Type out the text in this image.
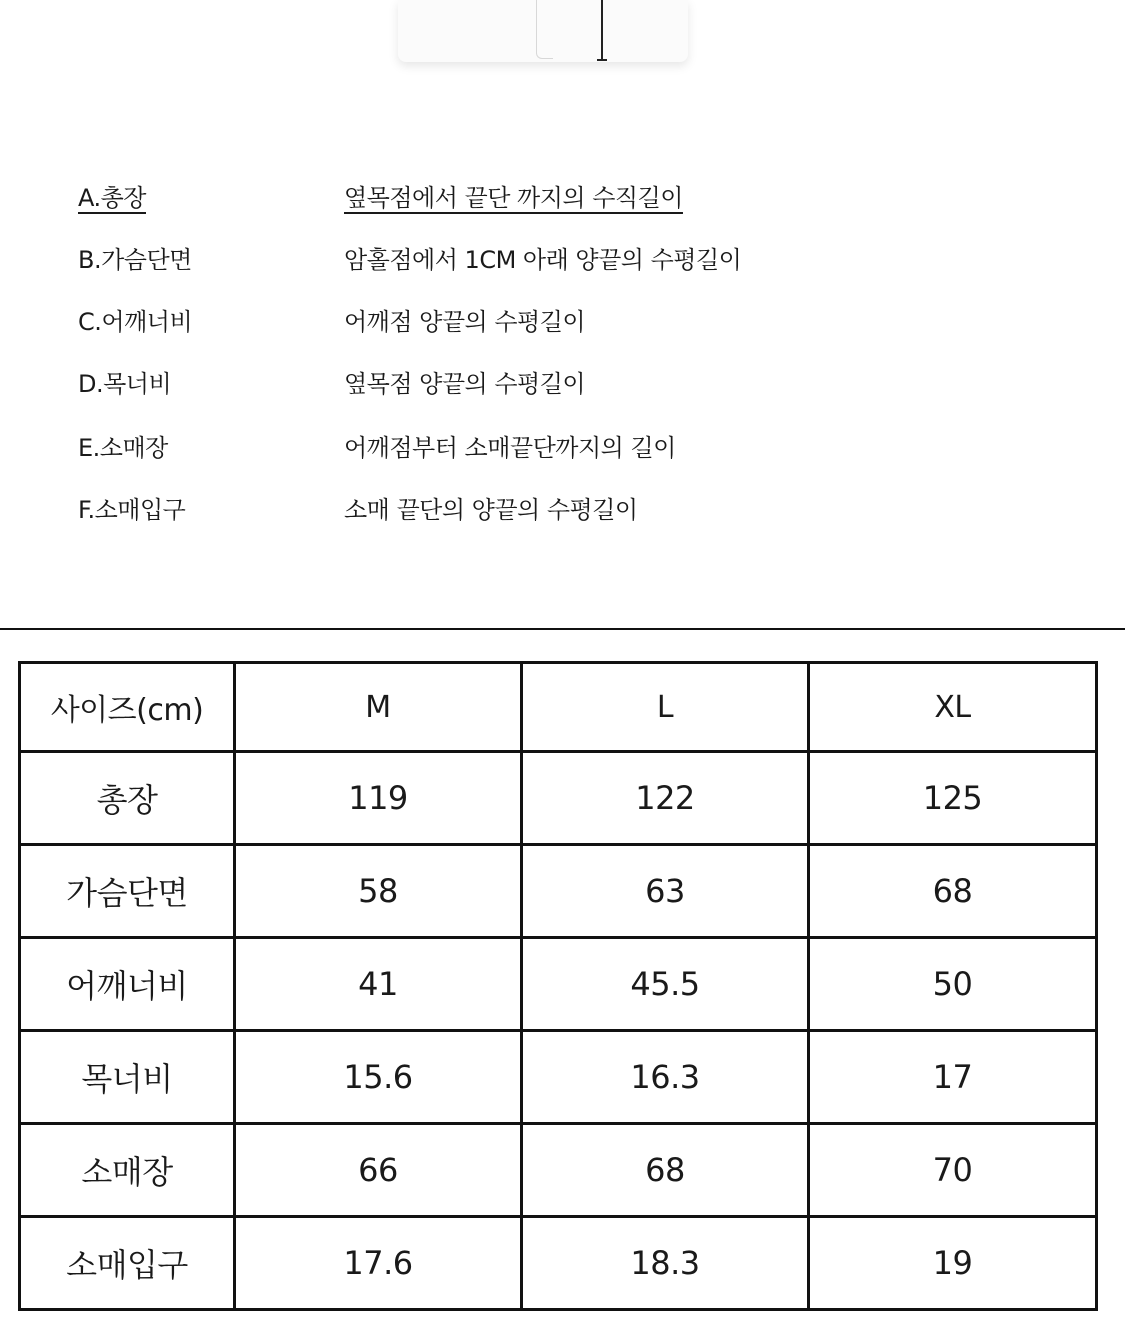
A.총장	옆목점에서 끝단 까지의 수직길이
B.가슴단면	암홀점에서 1CM 아래 양끝의 수평길이
C.어깨너비	어깨점 양끝의 수평길이
D.목너비	옆목점 양끝의 수평길이
E.소매장	어깨점부터 소매끝단까지의 길이
F.소매입구	소매 끝단의 양끝의 수평길이
사이즈(cm)	M	L	XL
총장	119	122	125
가슴단면	58	63	68
어깨너비	41	45.5	50
목너비	15.6	16.3	17
소매장	66	68	70
소매입구	17.6	18.3	19
